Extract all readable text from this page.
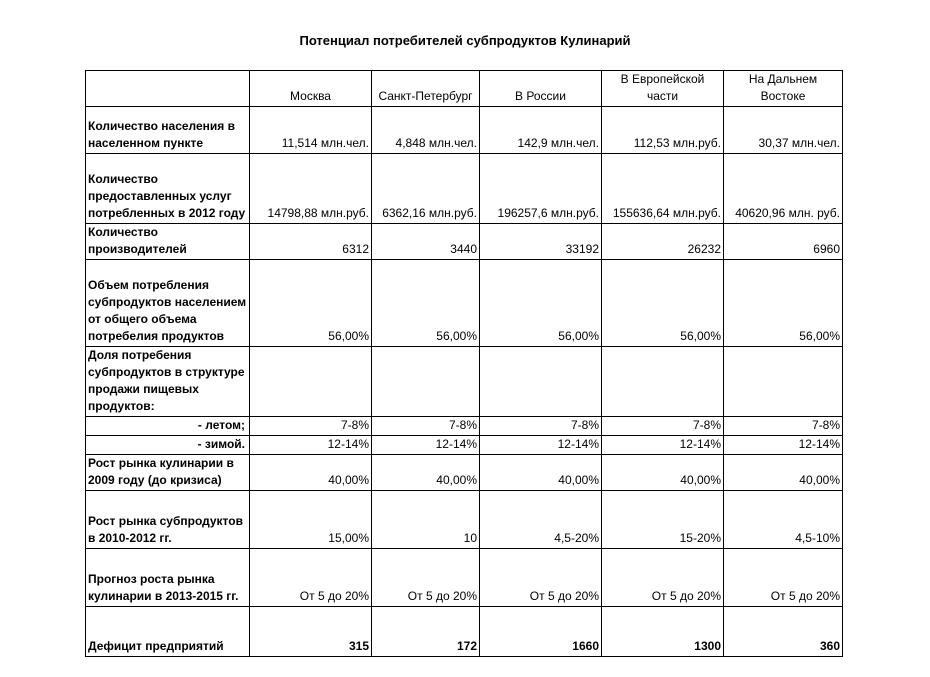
Потенциал потребителей субпродуктов Кулинарий
	Москва	Санкт-Петербург	В России	В Европейской части	На Дальнем Востоке
Количество населения в населенном пункте	11,514 млн.чел.	4,848 млн.чел.	142,9 млн.чел.	112,53 млн.руб.	30,37 млн.чел.
Количество предоставленных услуг потребленных в 2012 году	14798,88 млн.руб.	6362,16 млн.руб.	196257,6 млн.руб.	155636,64 млн.руб.	40620,96 млн. руб.
Количество производителей	6312	3440	33192	26232	6960
Объем потребления субпродуктов населением от общего объема потребелия продуктов	56,00%	56,00%	56,00%	56,00%	56,00%
Доля потребения субпродуктов в структуре продажи пищевых продуктов:					
- летом;	7-8%	7-8%	7-8%	7-8%	7-8%
- зимой.	12-14%	12-14%	12-14%	12-14%	12-14%
Рост рынка кулинарии в 2009 году (до кризиса)	40,00%	40,00%	40,00%	40,00%	40,00%
Рост рынка субпродуктов в 2010-2012 гг.	15,00%	10	4,5-20%	15-20%	4,5-10%
Прогноз роста рынка кулинарии в 2013-2015 гг.	От 5 до 20%	От 5 до 20%	От 5 до 20%	От 5 до 20%	От 5 до 20%
Дефицит предприятий	315	172	1660	1300	360
